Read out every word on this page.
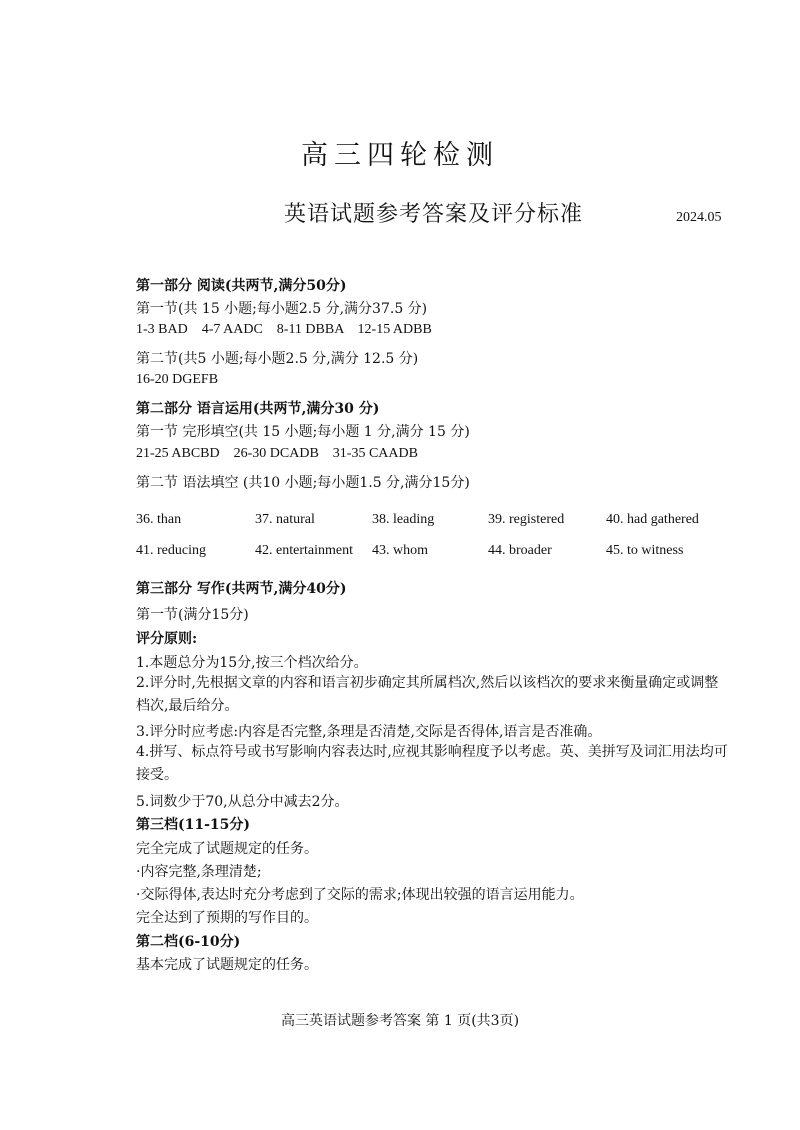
高三四轮检测
英语试题参考答案及评分标准	2024.05
第一部分 阅读(共两节,满分50分)
第一节(共 15 小题;每小题2.5 分,满分37.5 分)
1-3 BAD    4-7 AADC    8-11 DBBA    12-15 ADBB
第二节(共5 小题;每小题2.5 分,满分 12.5 分)
16-20 DGEFB
第二部分 语言运用(共两节,满分30 分)
第一节 完形填空(共 15 小题;每小题 1 分,满分 15 分)
21-25 ABCBD    26-30 DCADB    31-35 CAADB
第二节 语法填空 (共10 小题;每小题1.5 分,满分15分)
36. than	37. natural	38. leading	39. registered	40. had gathered
41. reducing	42. entertainment 43. whom	44. broader	45. to witness
第三部分 写作(共两节,满分40分)
第一节(满分15分)
评分原则:
1.本题总分为15分,按三个档次给分。
2.评分时,先根据文章的内容和语言初步确定其所属档次,然后以该档次的要求来衡量确定或调整档次,最后给分。
3.评分时应考虑:内容是否完整,条理是否清楚,交际是否得体,语言是否准确。
4.拼写、标点符号或书写影响内容表达时,应视其影响程度予以考虑。英、美拼写及词汇用法均可接受。
5.词数少于70,从总分中减去2分。
第三档(11-15分)
完全完成了试题规定的任务。
·内容完整,条理清楚;
·交际得体,表达时充分考虑到了交际的需求;体现出较强的语言运用能力。
完全达到了预期的写作目的。
第二档(6-10分)
基本完成了试题规定的任务。
高三英语试题参考答案 第 1 页(共3页)
